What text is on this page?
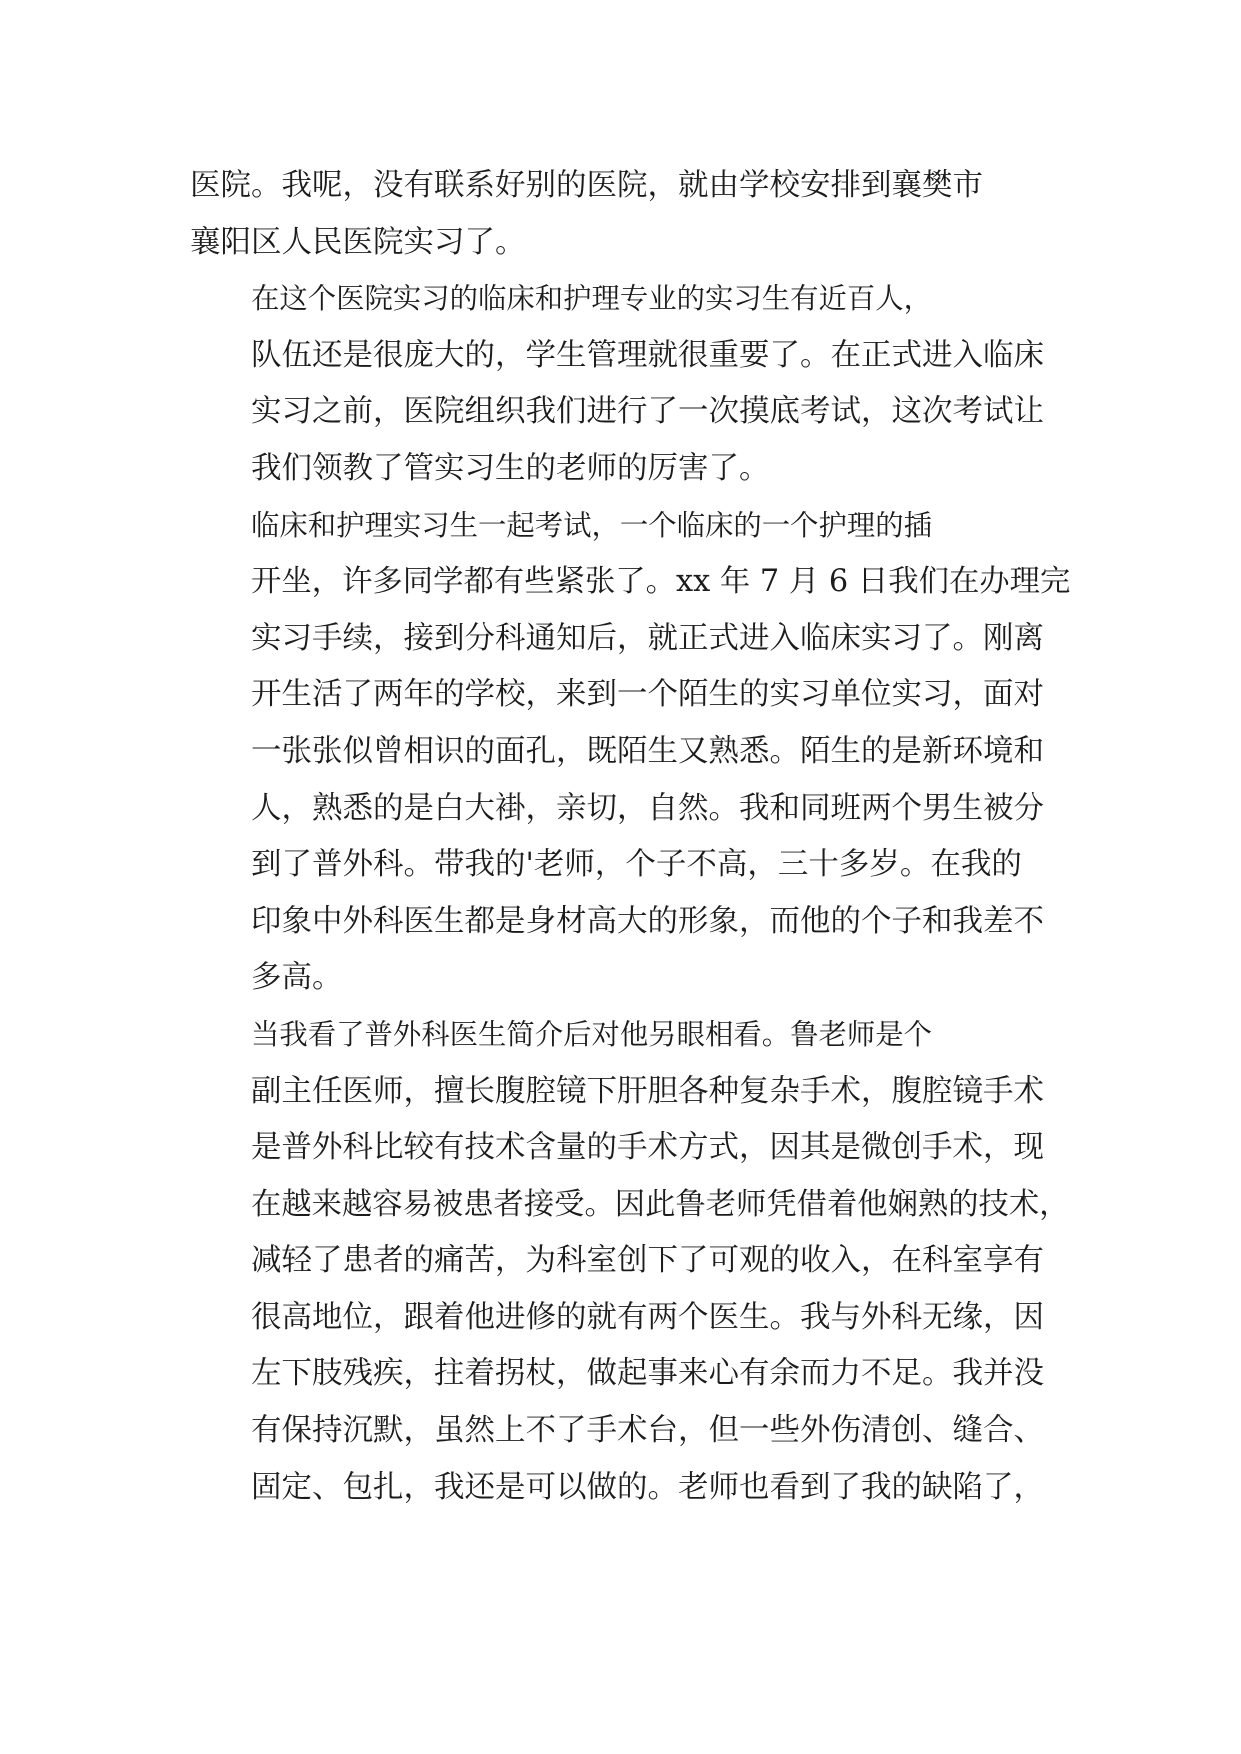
医院。我呢，没有联系好别的医院，就由学校安排到襄樊市
襄阳区人民医院实习了。

在这个医院实习的临床和护理专业的实习生有近百人，
队伍还是很庞大的，学生管理就很重要了。在正式进入临床
实习之前，医院组织我们进行了一次摸底考试，这次考试让
我们领教了管实习生的老师的厉害了。

临床和护理实习生一起考试，一个临床的一个护理的插
开坐，许多同学都有些紧张了。xx 年 7 月 6 日我们在办理完
实习手续，接到分科通知后，就正式进入临床实习了。刚离
开生活了两年的学校，来到一个陌生的实习单位实习，面对
一张张似曾相识的面孔，既陌生又熟悉。陌生的是新环境和
人，熟悉的是白大褂，亲切，自然。我和同班两个男生被分
到了普外科。带我的'老师，个子不高，三十多岁。在我的
印象中外科医生都是身材高大的形象，而他的个子和我差不
多高。

当我看了普外科医生简介后对他另眼相看。鲁老师是个
副主任医师，擅长腹腔镜下肝胆各种复杂手术，腹腔镜手术
是普外科比较有技术含量的手术方式，因其是微创手术，现
在越来越容易被患者接受。因此鲁老师凭借着他娴熟的技术，
减轻了患者的痛苦，为科室创下了可观的收入，在科室享有
很高地位，跟着他进修的就有两个医生。我与外科无缘，因
左下肢残疾，拄着拐杖，做起事来心有余而力不足。我并没
有保持沉默，虽然上不了手术台，但一些外伤清创、缝合、
固定、包扎，我还是可以做的。老师也看到了我的缺陷了，
